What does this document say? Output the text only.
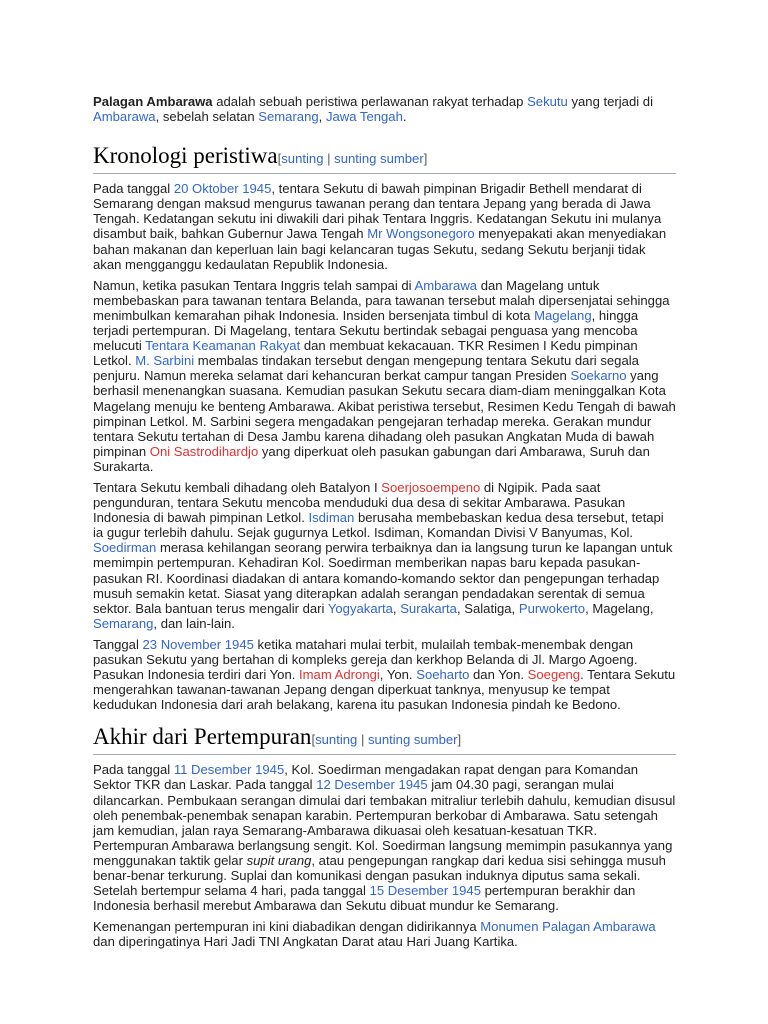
Palagan Ambarawa adalah sebuah peristiwa perlawanan rakyat terhadap Sekutu yang terjadi di Ambarawa, sebelah selatan Semarang, Jawa Tengah.

Kronologi peristiwa[sunting | sunting sumber]

Pada tanggal 20 Oktober 1945, tentara Sekutu di bawah pimpinan Brigadir Bethell mendarat di Semarang dengan maksud mengurus tawanan perang dan tentara Jepang yang berada di Jawa Tengah. Kedatangan sekutu ini diwakili dari pihak Tentara Inggris. Kedatangan Sekutu ini mulanya disambut baik, bahkan Gubernur Jawa Tengah Mr Wongsonegoro menyepakati akan menyediakan bahan makanan dan keperluan lain bagi kelancaran tugas Sekutu, sedang Sekutu berjanji tidak akan mengganggu kedaulatan Republik Indonesia.

Namun, ketika pasukan Tentara Inggris telah sampai di Ambarawa dan Magelang untuk membebaskan para tawanan tentara Belanda, para tawanan tersebut malah dipersenjatai sehingga menimbulkan kemarahan pihak Indonesia. Insiden bersenjata timbul di kota Magelang, hingga terjadi pertempuran. Di Magelang, tentara Sekutu bertindak sebagai penguasa yang mencoba melucuti Tentara Keamanan Rakyat dan membuat kekacauan. TKR Resimen I Kedu pimpinan Letkol. M. Sarbini membalas tindakan tersebut dengan mengepung tentara Sekutu dari segala penjuru. Namun mereka selamat dari kehancuran berkat campur tangan Presiden Soekarno yang berhasil menenangkan suasana. Kemudian pasukan Sekutu secara diam-diam meninggalkan Kota Magelang menuju ke benteng Ambarawa. Akibat peristiwa tersebut, Resimen Kedu Tengah di bawah pimpinan Letkol. M. Sarbini segera mengadakan pengejaran terhadap mereka. Gerakan mundur tentara Sekutu tertahan di Desa Jambu karena dihadang oleh pasukan Angkatan Muda di bawah pimpinan Oni Sastrodihardjo yang diperkuat oleh pasukan gabungan dari Ambarawa, Suruh dan Surakarta.

Tentara Sekutu kembali dihadang oleh Batalyon I Soerjosoempeno di Ngipik. Pada saat pengunduran, tentara Sekutu mencoba menduduki dua desa di sekitar Ambarawa. Pasukan Indonesia di bawah pimpinan Letkol. Isdiman berusaha membebaskan kedua desa tersebut, tetapi ia gugur terlebih dahulu. Sejak gugurnya Letkol. Isdiman, Komandan Divisi V Banyumas, Kol. Soedirman merasa kehilangan seorang perwira terbaiknya dan ia langsung turun ke lapangan untuk memimpin pertempuran. Kehadiran Kol. Soedirman memberikan napas baru kepada pasukan-pasukan RI. Koordinasi diadakan di antara komando-komando sektor dan pengepungan terhadap musuh semakin ketat. Siasat yang diterapkan adalah serangan pendadakan serentak di semua sektor. Bala bantuan terus mengalir dari Yogyakarta, Surakarta, Salatiga, Purwokerto, Magelang, Semarang, dan lain-lain.

Tanggal 23 November 1945 ketika matahari mulai terbit, mulailah tembak-menembak dengan pasukan Sekutu yang bertahan di kompleks gereja dan kerkhop Belanda di Jl. Margo Agoeng. Pasukan Indonesia terdiri dari Yon. Imam Adrongi, Yon. Soeharto dan Yon. Soegeng. Tentara Sekutu mengerahkan tawanan-tawanan Jepang dengan diperkuat tanknya, menyusup ke tempat kedudukan Indonesia dari arah belakang, karena itu pasukan Indonesia pindah ke Bedono.

Akhir dari Pertempuran[sunting | sunting sumber]

Pada tanggal 11 Desember 1945, Kol. Soedirman mengadakan rapat dengan para Komandan Sektor TKR dan Laskar. Pada tanggal 12 Desember 1945 jam 04.30 pagi, serangan mulai dilancarkan. Pembukaan serangan dimulai dari tembakan mitraliur terlebih dahulu, kemudian disusul oleh penembak-penembak senapan karabin. Pertempuran berkobar di Ambarawa. Satu setengah jam kemudian, jalan raya Semarang-Ambarawa dikuasai oleh kesatuan-kesatuan TKR. Pertempuran Ambarawa berlangsung sengit. Kol. Soedirman langsung memimpin pasukannya yang menggunakan taktik gelar supit urang, atau pengepungan rangkap dari kedua sisi sehingga musuh benar-benar terkurung. Suplai dan komunikasi dengan pasukan induknya diputus sama sekali. Setelah bertempur selama 4 hari, pada tanggal 15 Desember 1945 pertempuran berakhir dan Indonesia berhasil merebut Ambarawa dan Sekutu dibuat mundur ke Semarang.

Kemenangan pertempuran ini kini diabadikan dengan didirikannya Monumen Palagan Ambarawa dan diperingatinya Hari Jadi TNI Angkatan Darat atau Hari Juang Kartika.
